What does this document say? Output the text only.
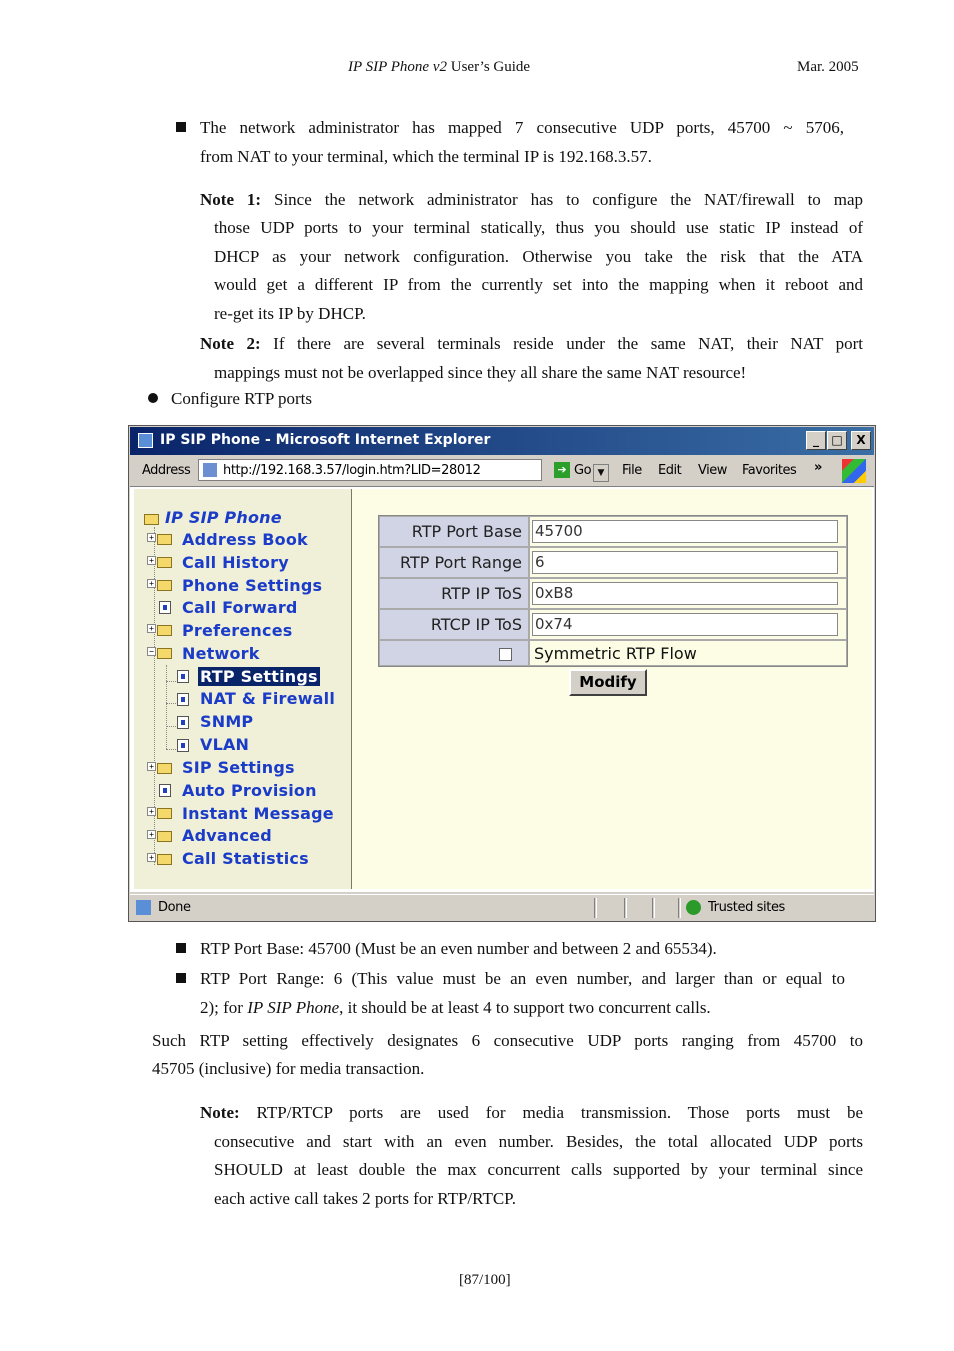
IP SIP Phone v2 User’s Guide	Mar. 2005
The network administrator has mapped 7 consecutive UDP ports, 45700 ~ 5706,
from NAT to your terminal, which the terminal IP is 192.168.3.57.
Note 1: Since the network administrator has to configure the NAT/firewall to map
those UDP ports to your terminal statically, thus you should use static IP instead of
DHCP as your network configuration. Otherwise you take the risk that the ATA
would get a different IP from the currently set into the mapping when it reboot and
re-get its IP by DHCP.
Note 2: If there are several terminals reside under the same NAT, their NAT port
mappings must not be overlapped since they all share the same NAT resource!
Configure RTP ports
IP SIP Phone - Microsoft Internet Explorer	_	□	X
Address	http://192.168.3.57/login.htm?LID=28012	▼
➔ Go File Edit View Favorites »
IP SIP Phone
+ Address Book
+ Call History
+ Phone Settings
Call Forward
+ Preferences
− Network
RTP Settings
NAT & Firewall
SNMP
VLAN
+ SIP Settings
Auto Provision
+ Instant Message
+ Advanced
+ Call Statistics
RTP Port Base	45700

RTP Port Range	6

RTP IP ToS	0xB8

RTCP IP ToS	0x74

	Symmetric RTP Flow
Modify
Done	Trusted sites
RTP Port Base: 45700 (Must be an even number and between 2 and 65534).
RTP Port Range: 6 (This value must be an even number, and larger than or equal to
2); for IP SIP Phone, it should be at least 4 to support two concurrent calls.
Such RTP setting effectively designates 6 consecutive UDP ports ranging from 45700 to
45705 (inclusive) for media transaction.
Note: RTP/RTCP ports are used for media transmission. Those ports must be
consecutive and start with an even number. Besides, the total allocated UDP ports
SHOULD at least double the max concurrent calls supported by your terminal since
each active call takes 2 ports for RTP/RTCP.
[87/100]
